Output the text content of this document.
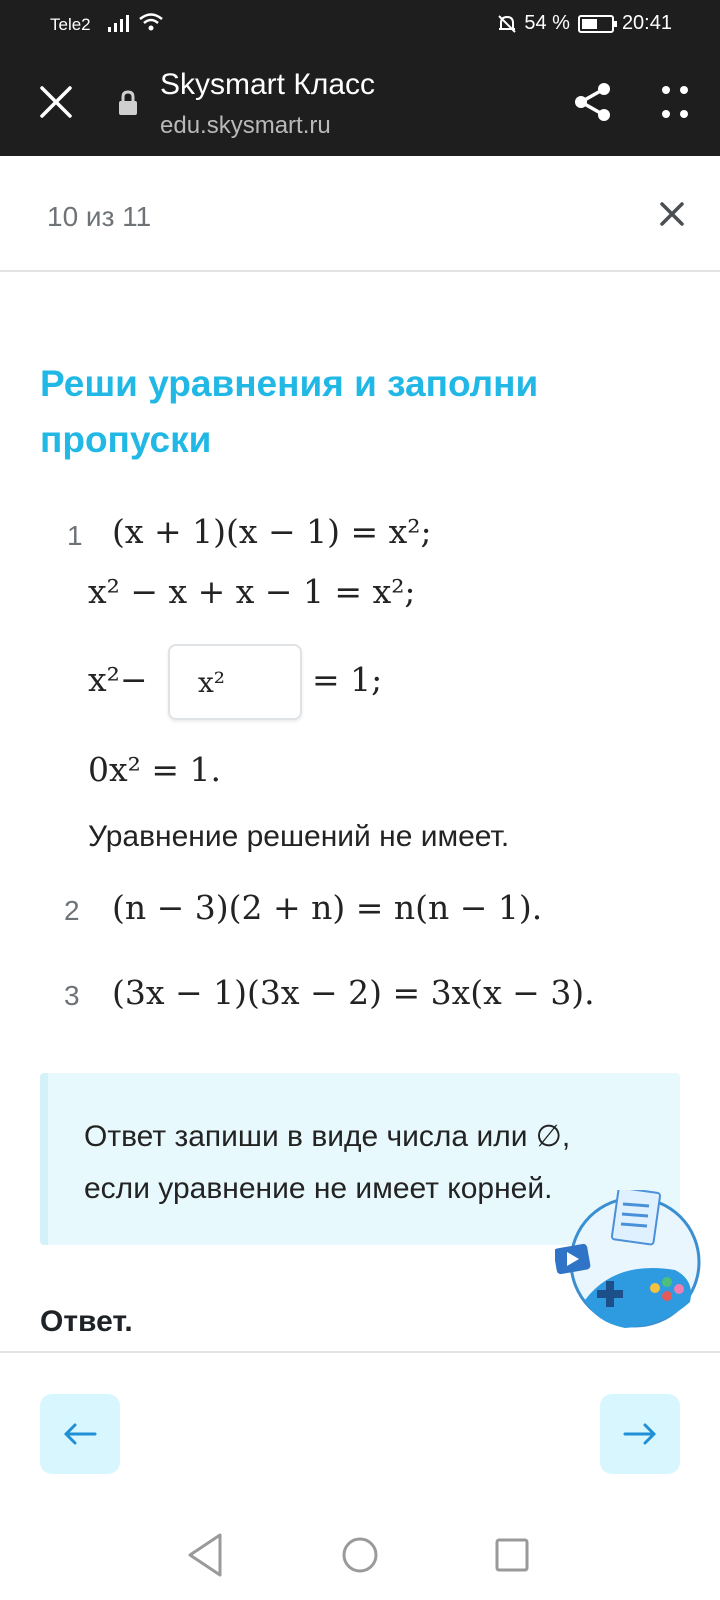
Tele2	54 %	20:41
Skysmart Класс
edu.skysmart.ru
10 из 11
Реши уравнения и заполни пропуски
1 (x + 1)(x − 1) = x²;
x² − x + x − 1 = x²;
x²− x²	= 1;
0x² = 1.
Уравнение решений не имеет.
2 (n − 3)(2 + n) = n(n − 1).
3 (3x − 1)(3x − 2) = 3x(x − 3).
Ответ запиши в виде числа или ∅, если уравнение не имеет корней.
Ответ.
